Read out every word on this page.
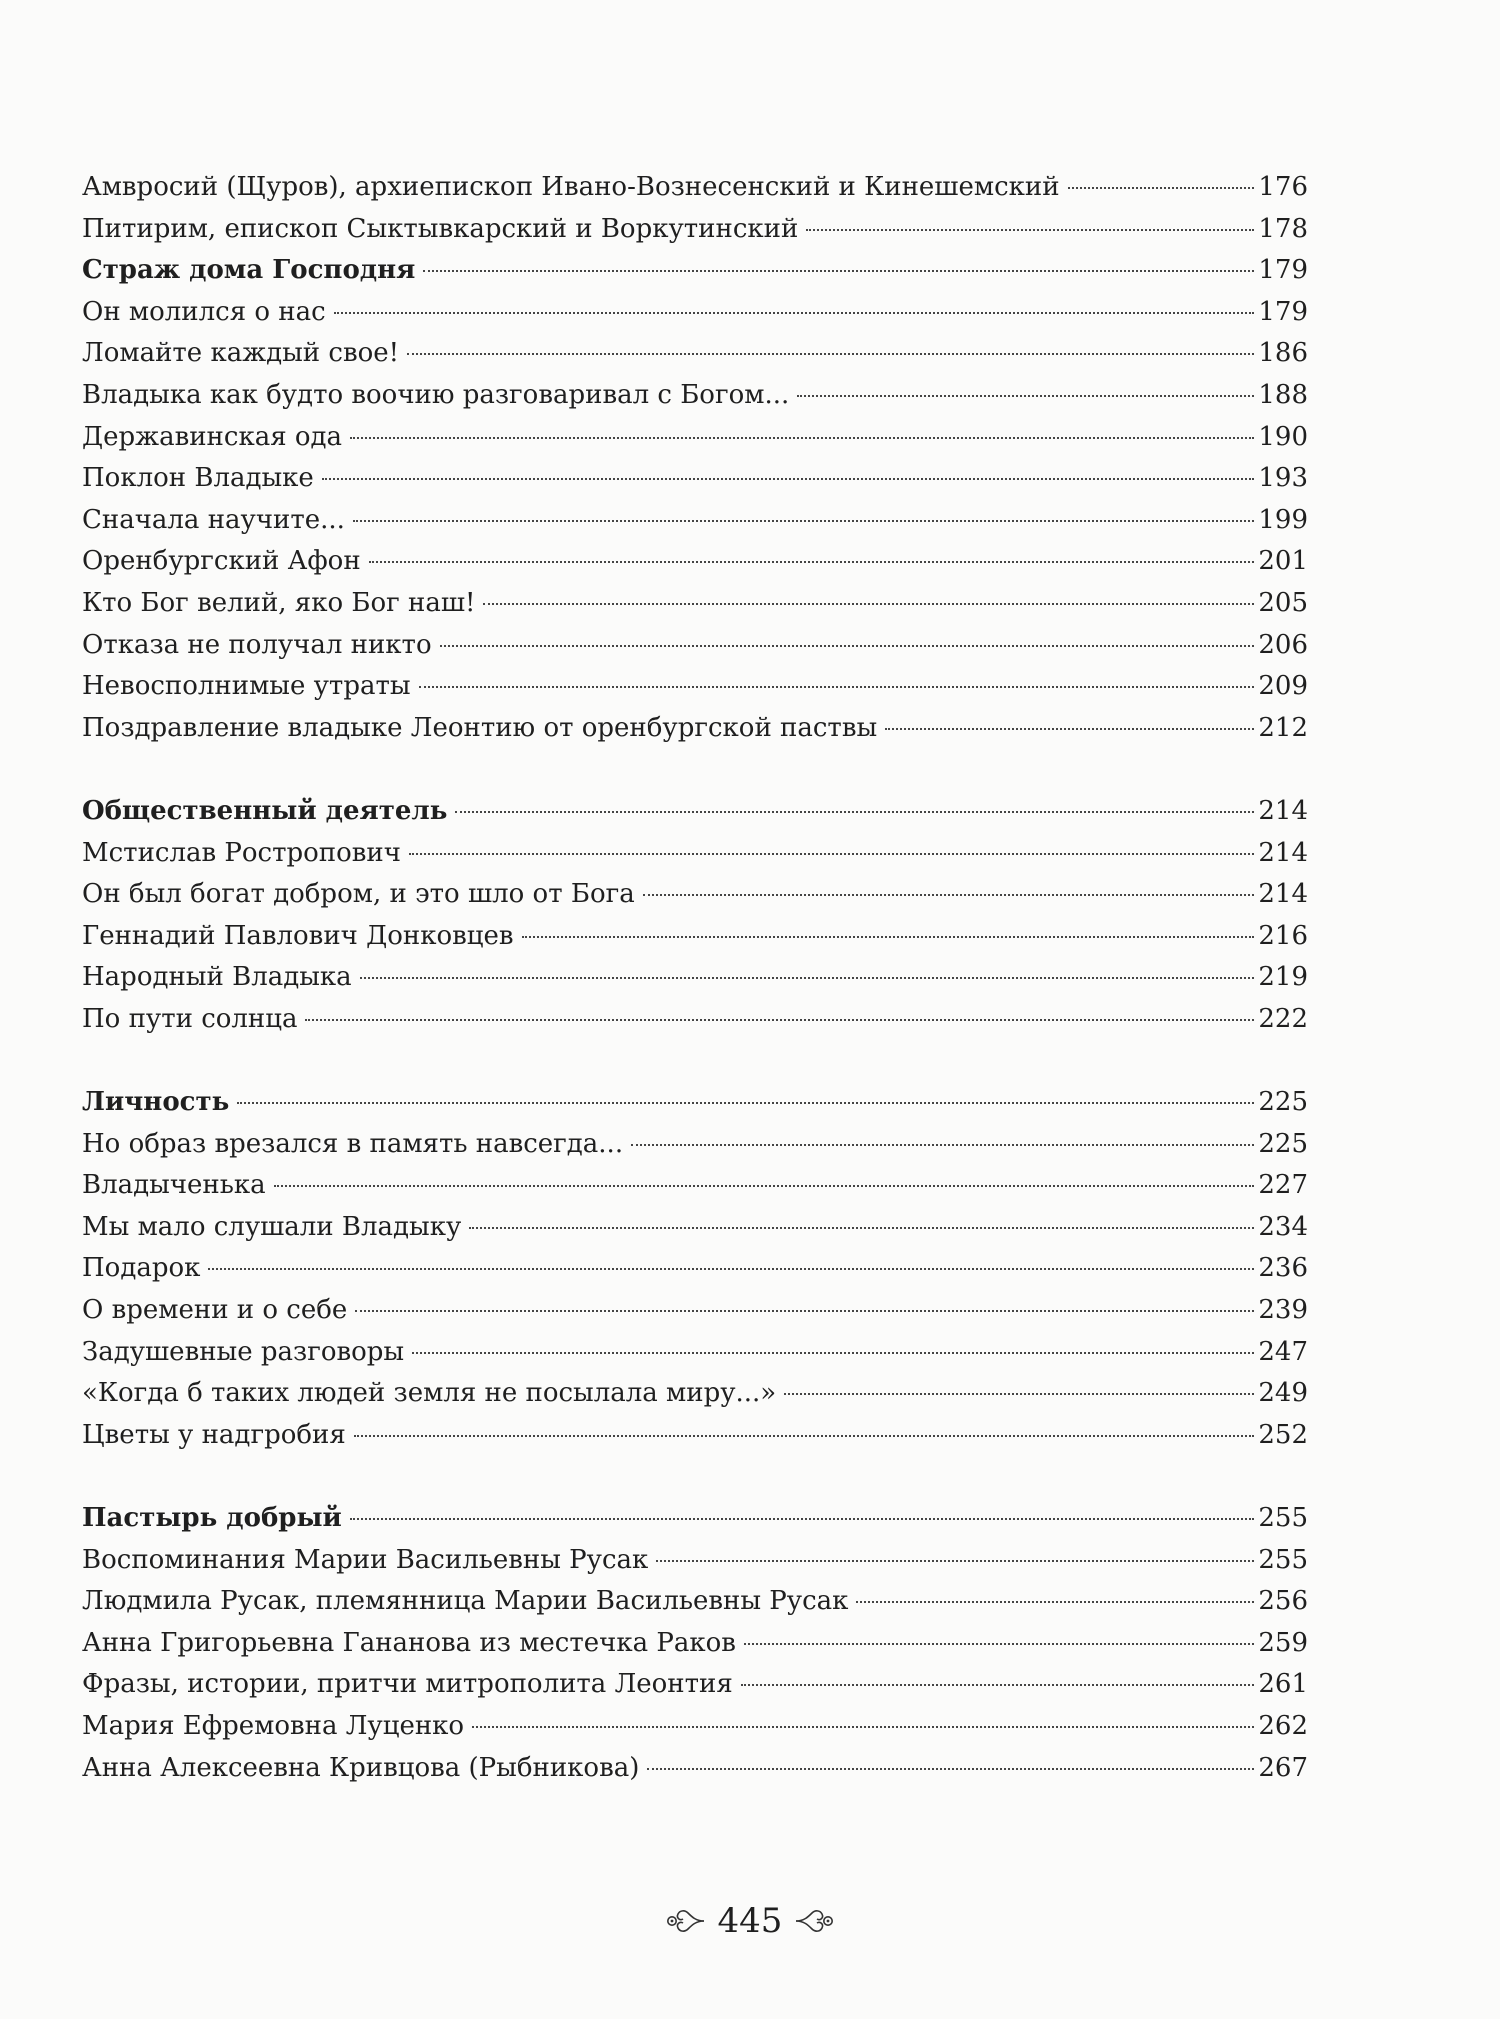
Амвросий (Щуров), архиепископ Ивано-Вознесенский и Кинешемский	176
Питирим, епископ Сыктывкарский и Воркутинский	178
Страж дома Господня	179
Он молился о нас	179
Ломайте каждый свое!	186
Владыка как будто воочию разговаривал с Богом...	188
Державинская ода	190
Поклон Владыке	193
Сначала научите...	199
Оренбургский Афон	201
Кто Бог велий, яко Бог наш!	205
Отказа не получал никто	206
Невосполнимые утраты	209
Поздравление владыке Леонтию от оренбургской паствы	212
Общественный деятель	214
Мстислав Ростропович	214
Он был богат добром, и это шло от Бога	214
Геннадий Павлович Донковцев	216
Народный Владыка	219
По пути солнца	222
Личность	225
Но образ врезался в память навсегда...	225
Владыченька	227
Мы мало слушали Владыку	234
Подарок	236
О времени и о себе	239
Задушевные разговоры	247
«Когда б таких людей земля не посылала миру...»	249
Цветы у надгробия	252
Пастырь добрый	255
Воспоминания Марии Васильевны Русак	255
Людмила Русак, племянница Марии Васильевны Русак	256
Анна Григорьевна Гананова из местечка Раков	259
Фразы, истории, притчи митрополита Леонтия	261
Мария Ефремовна Луценко	262
Анна Алексеевна Кривцова (Рыбникова)	267
445
